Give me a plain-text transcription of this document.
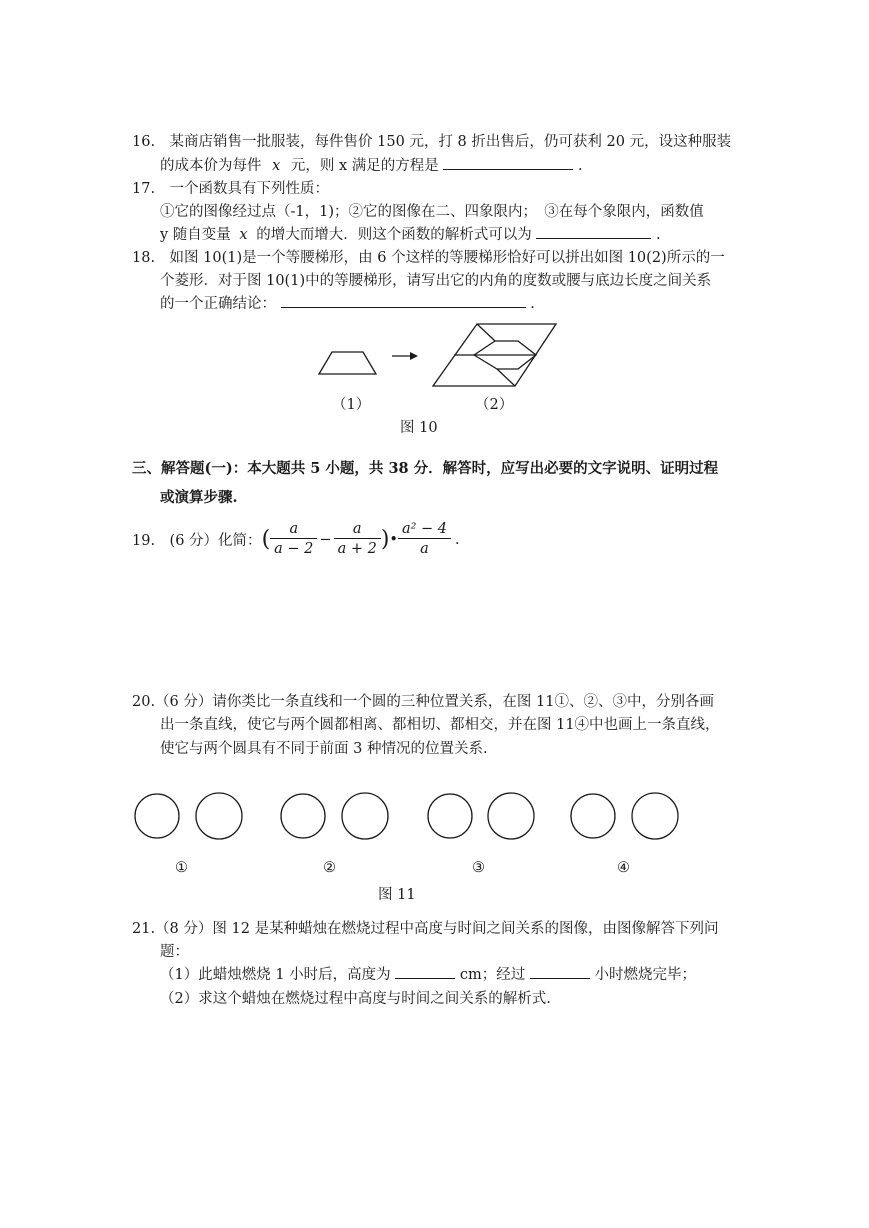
16.　某商店销售一批服装，每件售价 150 元，打 8 折出售后，仍可获利 20 元，设这种服装
的成本价为每件 x 元，则 x 满足的方程是	.
17.　一个函数具有下列性质：
①它的图像经过点（-1，1)；②它的图像在二、四象限内；　③在每个象限内，函数值
y 随自变量 x 的增大而增大．则这个函数的解析式可以为	.
18.　如图 10(1)是一个等腰梯形，由 6 个这样的等腰梯形恰好可以拼出如图 10(2)所示的一
个菱形．对于图 10(1)中的等腰梯形，请写出它的内角的度数或腰与底边长度之间关系
的一个正确结论：	.
（1）	（2）
图 10
三、解答题(一)：本大题共 5 小题，共 38 分．解答时，应写出必要的文字说明、证明过程
或演算步骤.
19.　(6 分）化简： ( $\frac{a}{a - 2} - \frac{a}{a + 2}$ ) • $\frac{\text{a² − 4}}{a}$ .
20.（6 分）请你类比一条直线和一个圆的三种位置关系，在图 11①、②、③中，分别各画
出一条直线，使它与两个圆都相离、都相切、都相交，并在图 11④中也画上一条直线，
使它与两个圆具有不同于前面 3 种情况的位置关系.
①	②	③	④
图 11
21.（8 分）图 12 是某种蜡烛在燃烧过程中高度与时间之间关系的图像，由图像解答下列问
题：
（1）此蜡烛燃烧 1 小时后，高度为	cm；经过	小时燃烧完毕；
（2）求这个蜡烛在燃烧过程中高度与时间之间关系的解析式.
